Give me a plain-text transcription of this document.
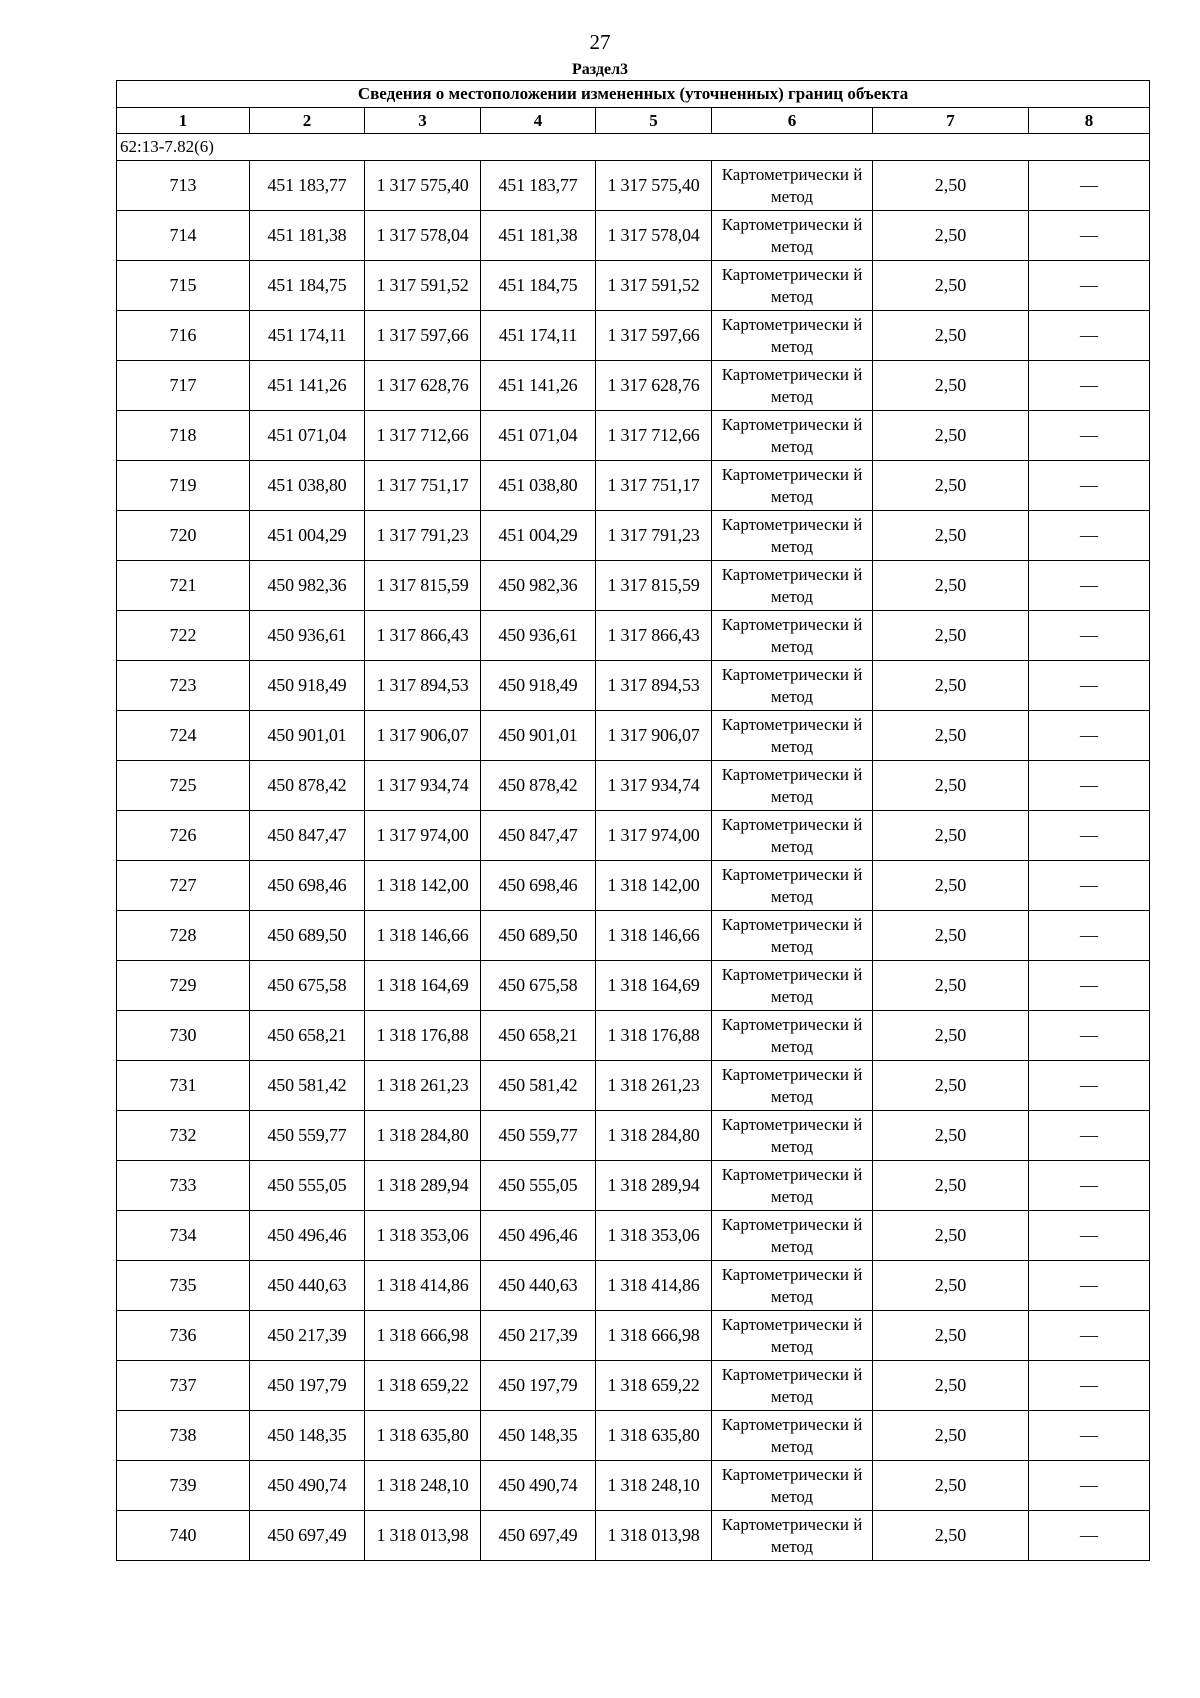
27
Раздел3
Сведения о местоположении измененных (уточненных) границ объекта							
1	2	3	4	5	6	7	8
62:13-7.82(6)							
713	451 183,77	1 317 575,40	451 183,77	1 317 575,40	Картометрически й метод	2,50	—
714	451 181,38	1 317 578,04	451 181,38	1 317 578,04	Картометрически й метод	2,50	—
715	451 184,75	1 317 591,52	451 184,75	1 317 591,52	Картометрически й метод	2,50	—
716	451 174,11	1 317 597,66	451 174,11	1 317 597,66	Картометрически й метод	2,50	—
717	451 141,26	1 317 628,76	451 141,26	1 317 628,76	Картометрически й метод	2,50	—
718	451 071,04	1 317 712,66	451 071,04	1 317 712,66	Картометрически й метод	2,50	—
719	451 038,80	1 317 751,17	451 038,80	1 317 751,17	Картометрически й метод	2,50	—
720	451 004,29	1 317 791,23	451 004,29	1 317 791,23	Картометрически й метод	2,50	—
721	450 982,36	1 317 815,59	450 982,36	1 317 815,59	Картометрически й метод	2,50	—
722	450 936,61	1 317 866,43	450 936,61	1 317 866,43	Картометрически й метод	2,50	—
723	450 918,49	1 317 894,53	450 918,49	1 317 894,53	Картометрически й метод	2,50	—
724	450 901,01	1 317 906,07	450 901,01	1 317 906,07	Картометрически й метод	2,50	—
725	450 878,42	1 317 934,74	450 878,42	1 317 934,74	Картометрически й метод	2,50	—
726	450 847,47	1 317 974,00	450 847,47	1 317 974,00	Картометрически й метод	2,50	—
727	450 698,46	1 318 142,00	450 698,46	1 318 142,00	Картометрически й метод	2,50	—
728	450 689,50	1 318 146,66	450 689,50	1 318 146,66	Картометрически й метод	2,50	—
729	450 675,58	1 318 164,69	450 675,58	1 318 164,69	Картометрически й метод	2,50	—
730	450 658,21	1 318 176,88	450 658,21	1 318 176,88	Картометрически й метод	2,50	—
731	450 581,42	1 318 261,23	450 581,42	1 318 261,23	Картометрически й метод	2,50	—
732	450 559,77	1 318 284,80	450 559,77	1 318 284,80	Картометрически й метод	2,50	—
733	450 555,05	1 318 289,94	450 555,05	1 318 289,94	Картометрически й метод	2,50	—
734	450 496,46	1 318 353,06	450 496,46	1 318 353,06	Картометрически й метод	2,50	—
735	450 440,63	1 318 414,86	450 440,63	1 318 414,86	Картометрически й метод	2,50	—
736	450 217,39	1 318 666,98	450 217,39	1 318 666,98	Картометрически й метод	2,50	—
737	450 197,79	1 318 659,22	450 197,79	1 318 659,22	Картометрически й метод	2,50	—
738	450 148,35	1 318 635,80	450 148,35	1 318 635,80	Картометрически й метод	2,50	—
739	450 490,74	1 318 248,10	450 490,74	1 318 248,10	Картометрически й метод	2,50	—
740	450 697,49	1 318 013,98	450 697,49	1 318 013,98	Картометрически й метод	2,50	—
